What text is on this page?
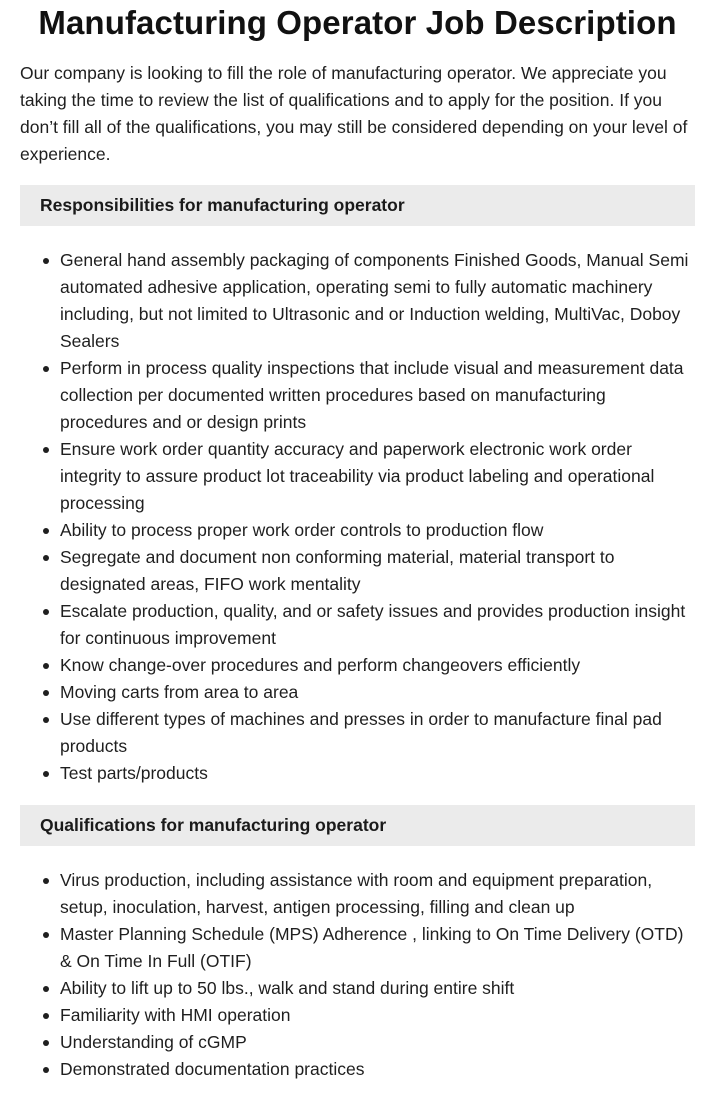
Manufacturing Operator Job Description

Our company is looking to fill the role of manufacturing operator. We appreciate you taking the time to review the list of qualifications and to apply for the position. If you don’t fill all of the qualifications, you may still be considered depending on your level of experience.

Responsibilities for manufacturing operator
General hand assembly packaging of components Finished Goods, Manual Semi automated adhesive application, operating semi to fully automatic machinery including, but not limited to Ultrasonic and or Induction welding, MultiVac, Doboy Sealers
Perform in process quality inspections that include visual and measurement data collection per documented written procedures based on manufacturing procedures and or design prints
Ensure work order quantity accuracy and paperwork electronic work order integrity to assure product lot traceability via product labeling and operational processing
Ability to process proper work order controls to production flow
Segregate and document non conforming material, material transport to designated areas, FIFO work mentality
Escalate production, quality, and or safety issues and provides production insight for continuous improvement
Know change-over procedures and perform changeovers efficiently
Moving carts from area to area
Use different types of machines and presses in order to manufacture final pad products
Test parts/products
Qualifications for manufacturing operator
Virus production, including assistance with room and equipment preparation, setup, inoculation, harvest, antigen processing, filling and clean up
Master Planning Schedule (MPS) Adherence , linking to On Time Delivery (OTD) & On Time In Full (OTIF)
Ability to lift up to 50 lbs., walk and stand during entire shift
Familiarity with HMI operation
Understanding of cGMP
Demonstrated documentation practices
